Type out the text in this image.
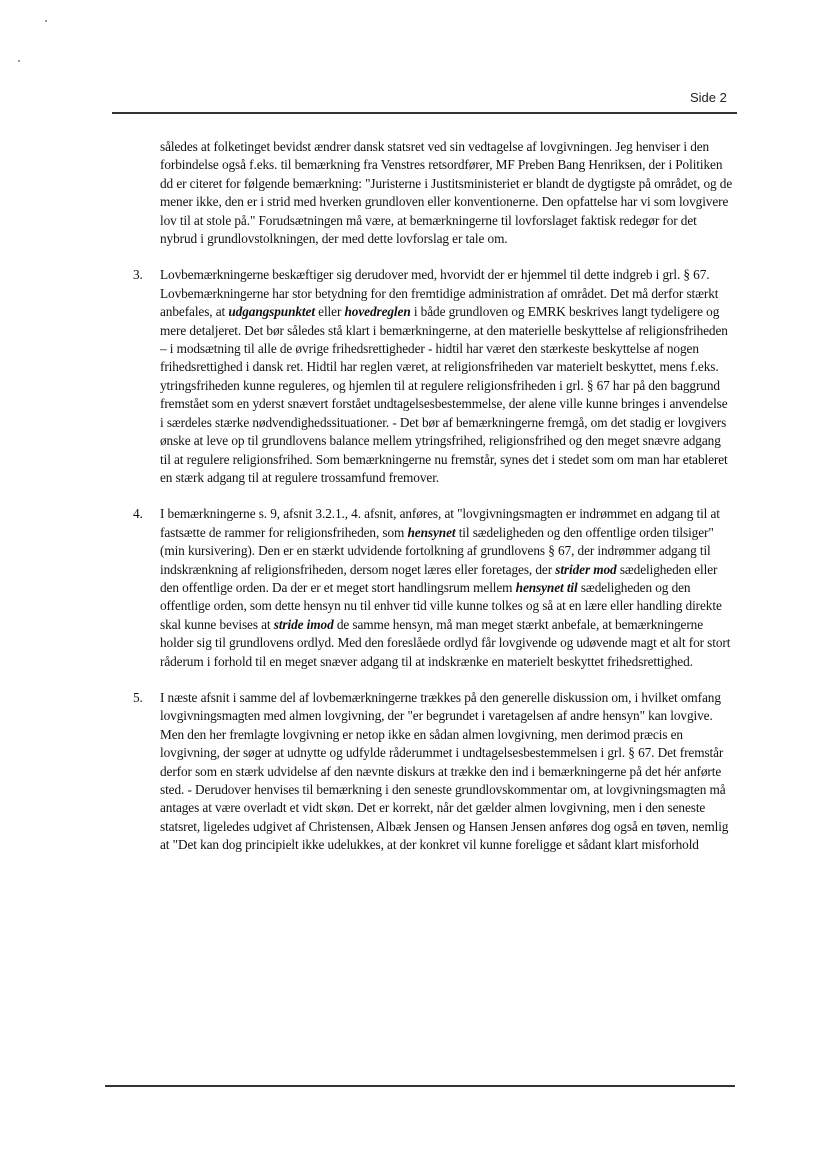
Side 2

således at folketinget bevidst ændrer dansk statsret ved sin vedtagelse af lovgivningen. Jeg henviser i den forbindelse også f.eks. til bemærkning fra Venstres retsordfører, MF Preben Bang Henriksen, der i Politiken dd er citeret for følgende bemærkning: "Juristerne i Justitsministeriet er blandt de dygtigste på området, og de mener ikke, den er i strid med hverken grundloven eller konventionerne. Den opfattelse har vi som lovgivere lov til at stole på." Forudsætningen må være, at bemærkningerne til lovforslaget faktisk redegør for det nybrud i grundlovstolkningen, der med dette lovforslag er tale om.

3. Lovbemærkningerne beskæftiger sig derudover med, hvorvidt der er hjemmel til dette indgreb i grl. § 67. Lovbemærkningerne har stor betydning for den fremtidige administration af området. Det må derfor stærkt anbefales, at udgangspunktet eller hovedreglen i både grundloven og EMRK beskrives langt tydeligere og mere detaljeret. Det bør således stå klart i bemærkningerne, at den materielle beskyttelse af religionsfriheden – i modsætning til alle de øvrige frihedsrettigheder - hidtil har været den stærkeste beskyttelse af nogen frihedsrettighed i dansk ret. Hidtil har reglen været, at religionsfriheden var materielt beskyttet, mens f.eks. ytringsfriheden kunne reguleres, og hjemlen til at regulere religionsfriheden i grl. § 67 har på den baggrund fremstået som en yderst snævert forstået undtagelsesbestemmelse, der alene ville kunne bringes i anvendelse i særdeles stærke nødvendighedssituationer. - Det bør af bemærkningerne fremgå, om det stadig er lovgivers ønske at leve op til grundlovens balance mellem ytringsfrihed, religionsfrihed og den meget snævre adgang til at regulere religionsfrihed. Som bemærkningerne nu fremstår, synes det i stedet som om man har etableret en stærk adgang til at regulere trossamfund fremover.

4. I bemærkningerne s. 9, afsnit 3.2.1., 4. afsnit, anføres, at "lovgivningsmagten er indrømmet en adgang til at fastsætte de rammer for religionsfriheden, som hensynet til sædeligheden og den offentlige orden tilsiger" (min kursivering). Den er en stærkt udvidende fortolkning af grundlovens § 67, der indrømmer adgang til indskrænkning af religionsfriheden, dersom noget læres eller foretages, der strider mod sædeligheden eller den offentlige orden. Da der er et meget stort handlingsrum mellem hensynet til sædeligheden og den offentlige orden, som dette hensyn nu til enhver tid ville kunne tolkes og så at en lære eller handling direkte skal kunne bevises at stride imod de samme hensyn, må man meget stærkt anbefale, at bemærkningerne holder sig til grundlovens ordlyd. Med den foreslåede ordlyd får lovgivende og udøvende magt et alt for stort råderum i forhold til en meget snæver adgang til at indskrænke en materielt beskyttet frihedsrettighed.

5. I næste afsnit i samme del af lovbemærkningerne trækkes på den generelle diskussion om, i hvilket omfang lovgivningsmagten med almen lovgivning, der "er begrundet i varetagelsen af andre hensyn" kan lovgive. Men den her fremlagte lovgivning er netop ikke en sådan almen lovgivning, men derimod præcis en lovgivning, der søger at udnytte og udfylde råderummet i undtagelsesbestemmelsen i grl. § 67. Det fremstår derfor som en stærk udvidelse af den nævnte diskurs at trække den ind i bemærkningerne på det hér anførte sted. - Derudover henvises til bemærkning i den seneste grundlovskommentar om, at lovgivningsmagten må antages at være overladt et vidt skøn. Det er korrekt, når det gælder almen lovgivning, men i den seneste statsret, ligeledes udgivet af Christensen, Albæk Jensen og Hansen Jensen anføres dog også en tøven, nemlig at "Det kan dog principielt ikke udelukkes, at der konkret vil kunne foreligge et sådant klart misforhold
